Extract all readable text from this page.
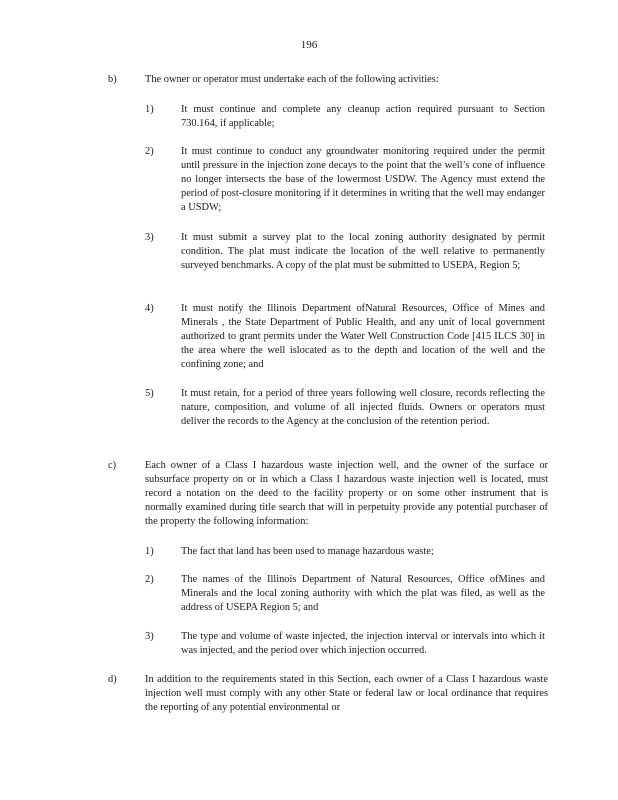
196
b)	The owner or operator must undertake each of the following activities:
1)	It must continue and complete any cleanup action required pursuant to Section 730.164, if applicable;
2)	It must continue to conduct any groundwater monitoring required under the permit until pressure in the injection zone decays to the point that the well’s cone of influence no longer intersects the base of the lowermost USDW. The Agency must extend the period of post-closure monitoring if it determines in writing that the well may endanger a USDW;
3)	It must submit a survey plat to the local zoning authority designated by permit condition. The plat must indicate the location of the well relative to permanently surveyed benchmarks. A copy of the plat must be submitted to USEPA, Region 5;
4)	It must notify the Illinois Department ofNatural Resources, Office of Mines and Minerals , the State Department of Public Health, and any unit of local government authorized to grant permits under the Water Well Construction Code [415 ILCS 30] in the area where the well islocated as to the depth and location of the well and the confining zone; and
5)	It must retain, for a period of three years following well closure, records reflecting the nature, composition, and volume of all injected fluids. Owners or operators must deliver the records to the Agency at the conclusion of the retention period.
c)	Each owner of a Class I hazardous waste injection well, and the owner of the surface or subsurface property on or in which a Class I hazardous waste injection well is located, must record a notation on the deed to the facility property or on some other instrument that is normally examined during title search that will in perpetuity provide any potential purchaser of the property the following information:
1)	The fact that land has been used to manage hazardous waste;
2)	The names of the Illinois Department of Natural Resources, Office ofMines and Minerals and the local zoning authority with which the plat was filed, as well as the address of USEPA Region 5; and
3)	The type and volume of waste injected, the injection interval or intervals into which it was injected, and the period over which injection occurred.
d)	In addition to the requirements stated in this Section, each owner of a Class I hazardous waste injection well must comply with any other State or federal law or local ordinance that requires the reporting of any potential environmental or
